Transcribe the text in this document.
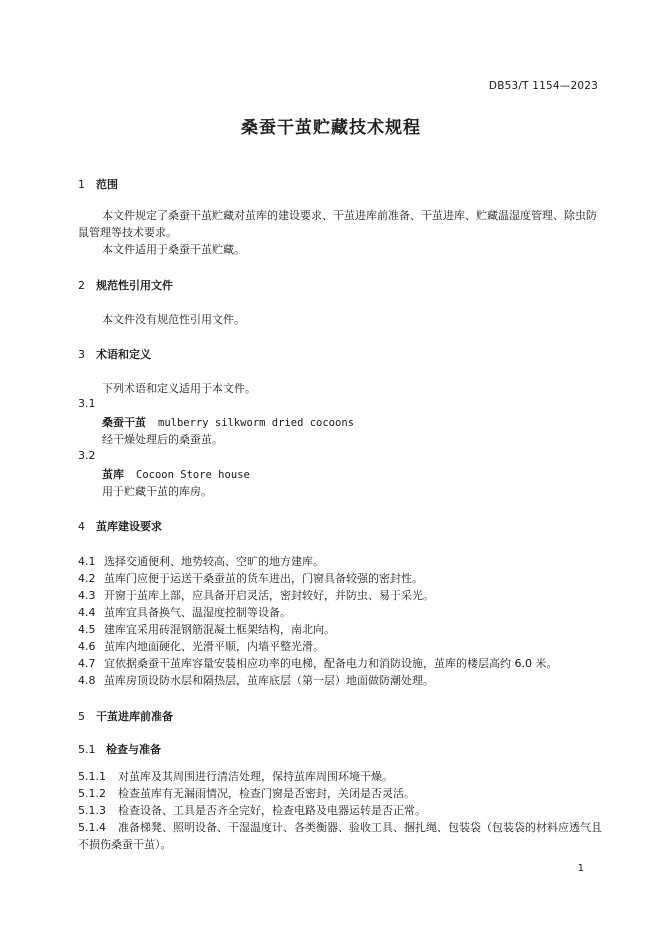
DB53/T 1154—2023
桑蚕干茧贮藏技术规程
1 范围
本文件规定了桑蚕干茧贮藏对茧库的建设要求、干茧进库前准备、干茧进库、贮藏温湿度管理、除虫防鼠管理等技术要求。
本文件适用于桑蚕干茧贮藏。
2 规范性引用文件
本文件没有规范性引用文件。
3 术语和定义
下列术语和定义适用于本文件。
3.1
桑蚕干茧 mulberry silkworm dried cocoons
经干燥处理后的桑蚕茧。
3.2
茧库 Cocoon Store house
用于贮藏干茧的库房。
4 茧库建设要求
4.1 选择交通便利、地势较高、空旷的地方建库。
4.2 茧库门应便于运送干桑蚕茧的货车进出，门窗具备较强的密封性。
4.3 开窗于茧库上部，应具备开启灵活，密封较好，并防虫、易于采光。
4.4 茧库宜具备换气、温湿度控制等设备。
4.5 建库宜采用砖混钢筋混凝土框架结构，南北向。
4.6 茧库内地面硬化、光滑平顺，内墙平整光滑。
4.7 宜依据桑蚕干茧库容量安装相应功率的电梯，配备电力和消防设施，茧库的楼层高约 6.0 米。
4.8 茧库房顶设防水层和隔热层，茧库底层（第一层）地面做防潮处理。
5 干茧进库前准备
5.1 检查与准备
5.1.1 对茧库及其周围进行清洁处理，保持茧库周围环境干燥。
5.1.2 检查茧库有无漏雨情况，检查门窗是否密封，关闭是否灵活。
5.1.3 检查设备、工具是否齐全完好，检查电路及电器运转是否正常。
5.1.4 准备梯凳、照明设备、干湿温度计、各类衡器、验收工具、捆扎绳、包装袋（包装袋的材料应透气且不损伤桑蚕干茧）。
1
